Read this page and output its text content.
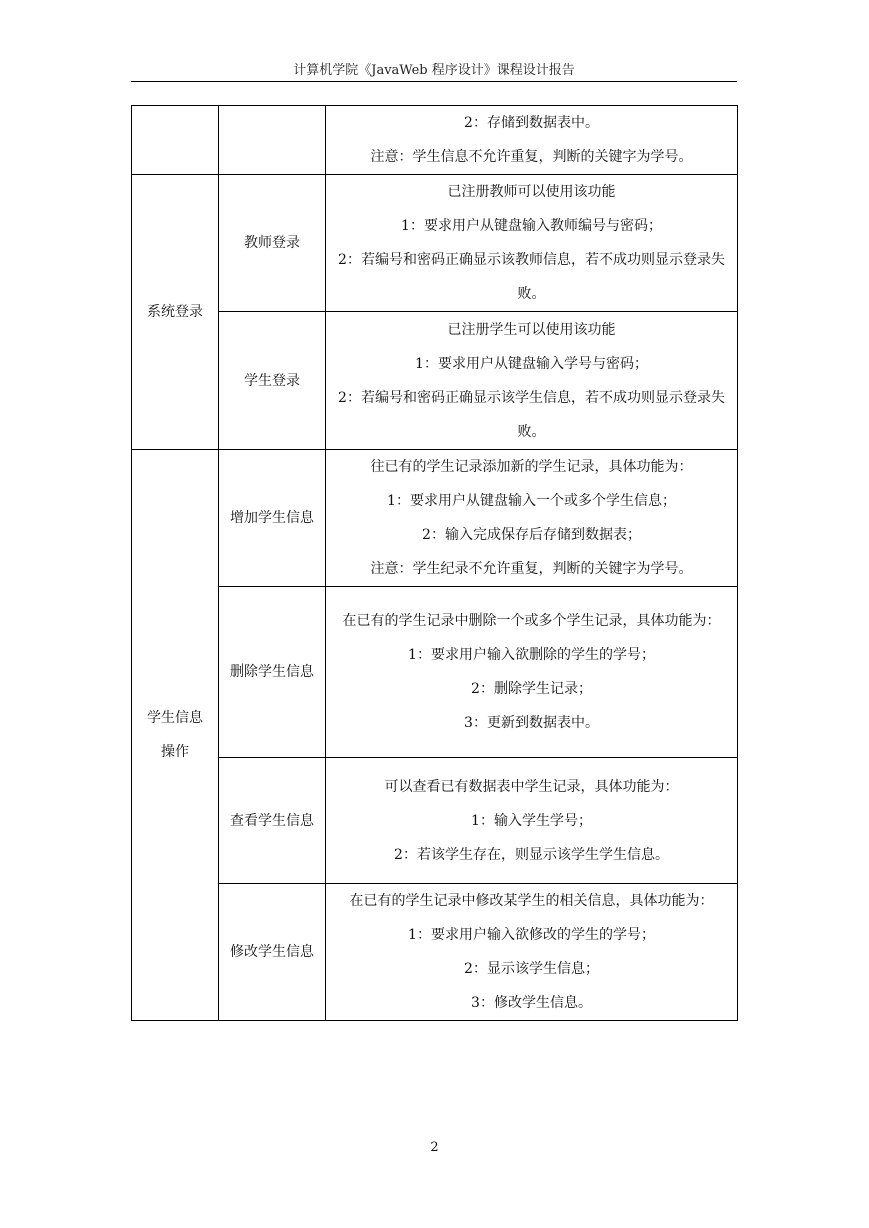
计算机学院《JavaWeb 程序设计》课程设计报告

		2：存储到数据表中。
注意：学生信息不允许重复，判断的关键字为学号。

系统登录	教师登录	已注册教师可以使用该功能
1：要求用户从键盘输入教师编号与密码；
2：若编号和密码正确显示该教师信息，若不成功则显示登录失败。

	学生登录	已注册学生可以使用该功能
1：要求用户从键盘输入学号与密码；
2：若编号和密码正确显示该学生信息，若不成功则显示登录失败。

学生信息
操作	增加学生信息	往已有的学生记录添加新的学生记录，具体功能为：
1：要求用户从键盘输入一个或多个学生信息；
2：输入完成保存后存储到数据表；
注意：学生纪录不允许重复，判断的关键字为学号。

	删除学生信息	在已有的学生记录中删除一个或多个学生记录，具体功能为：
1：要求用户输入欲删除的学生的学号；
2：删除学生记录；
3：更新到数据表中。

	查看学生信息	可以查看已有数据表中学生记录，具体功能为：
1：输入学生学号；
2：若该学生存在，则显示该学生学生信息。

	修改学生信息	在已有的学生记录中修改某学生的相关信息，具体功能为：
1：要求用户输入欲修改的学生的学号；
2：显示该学生信息；
3：修改学生信息。
2
